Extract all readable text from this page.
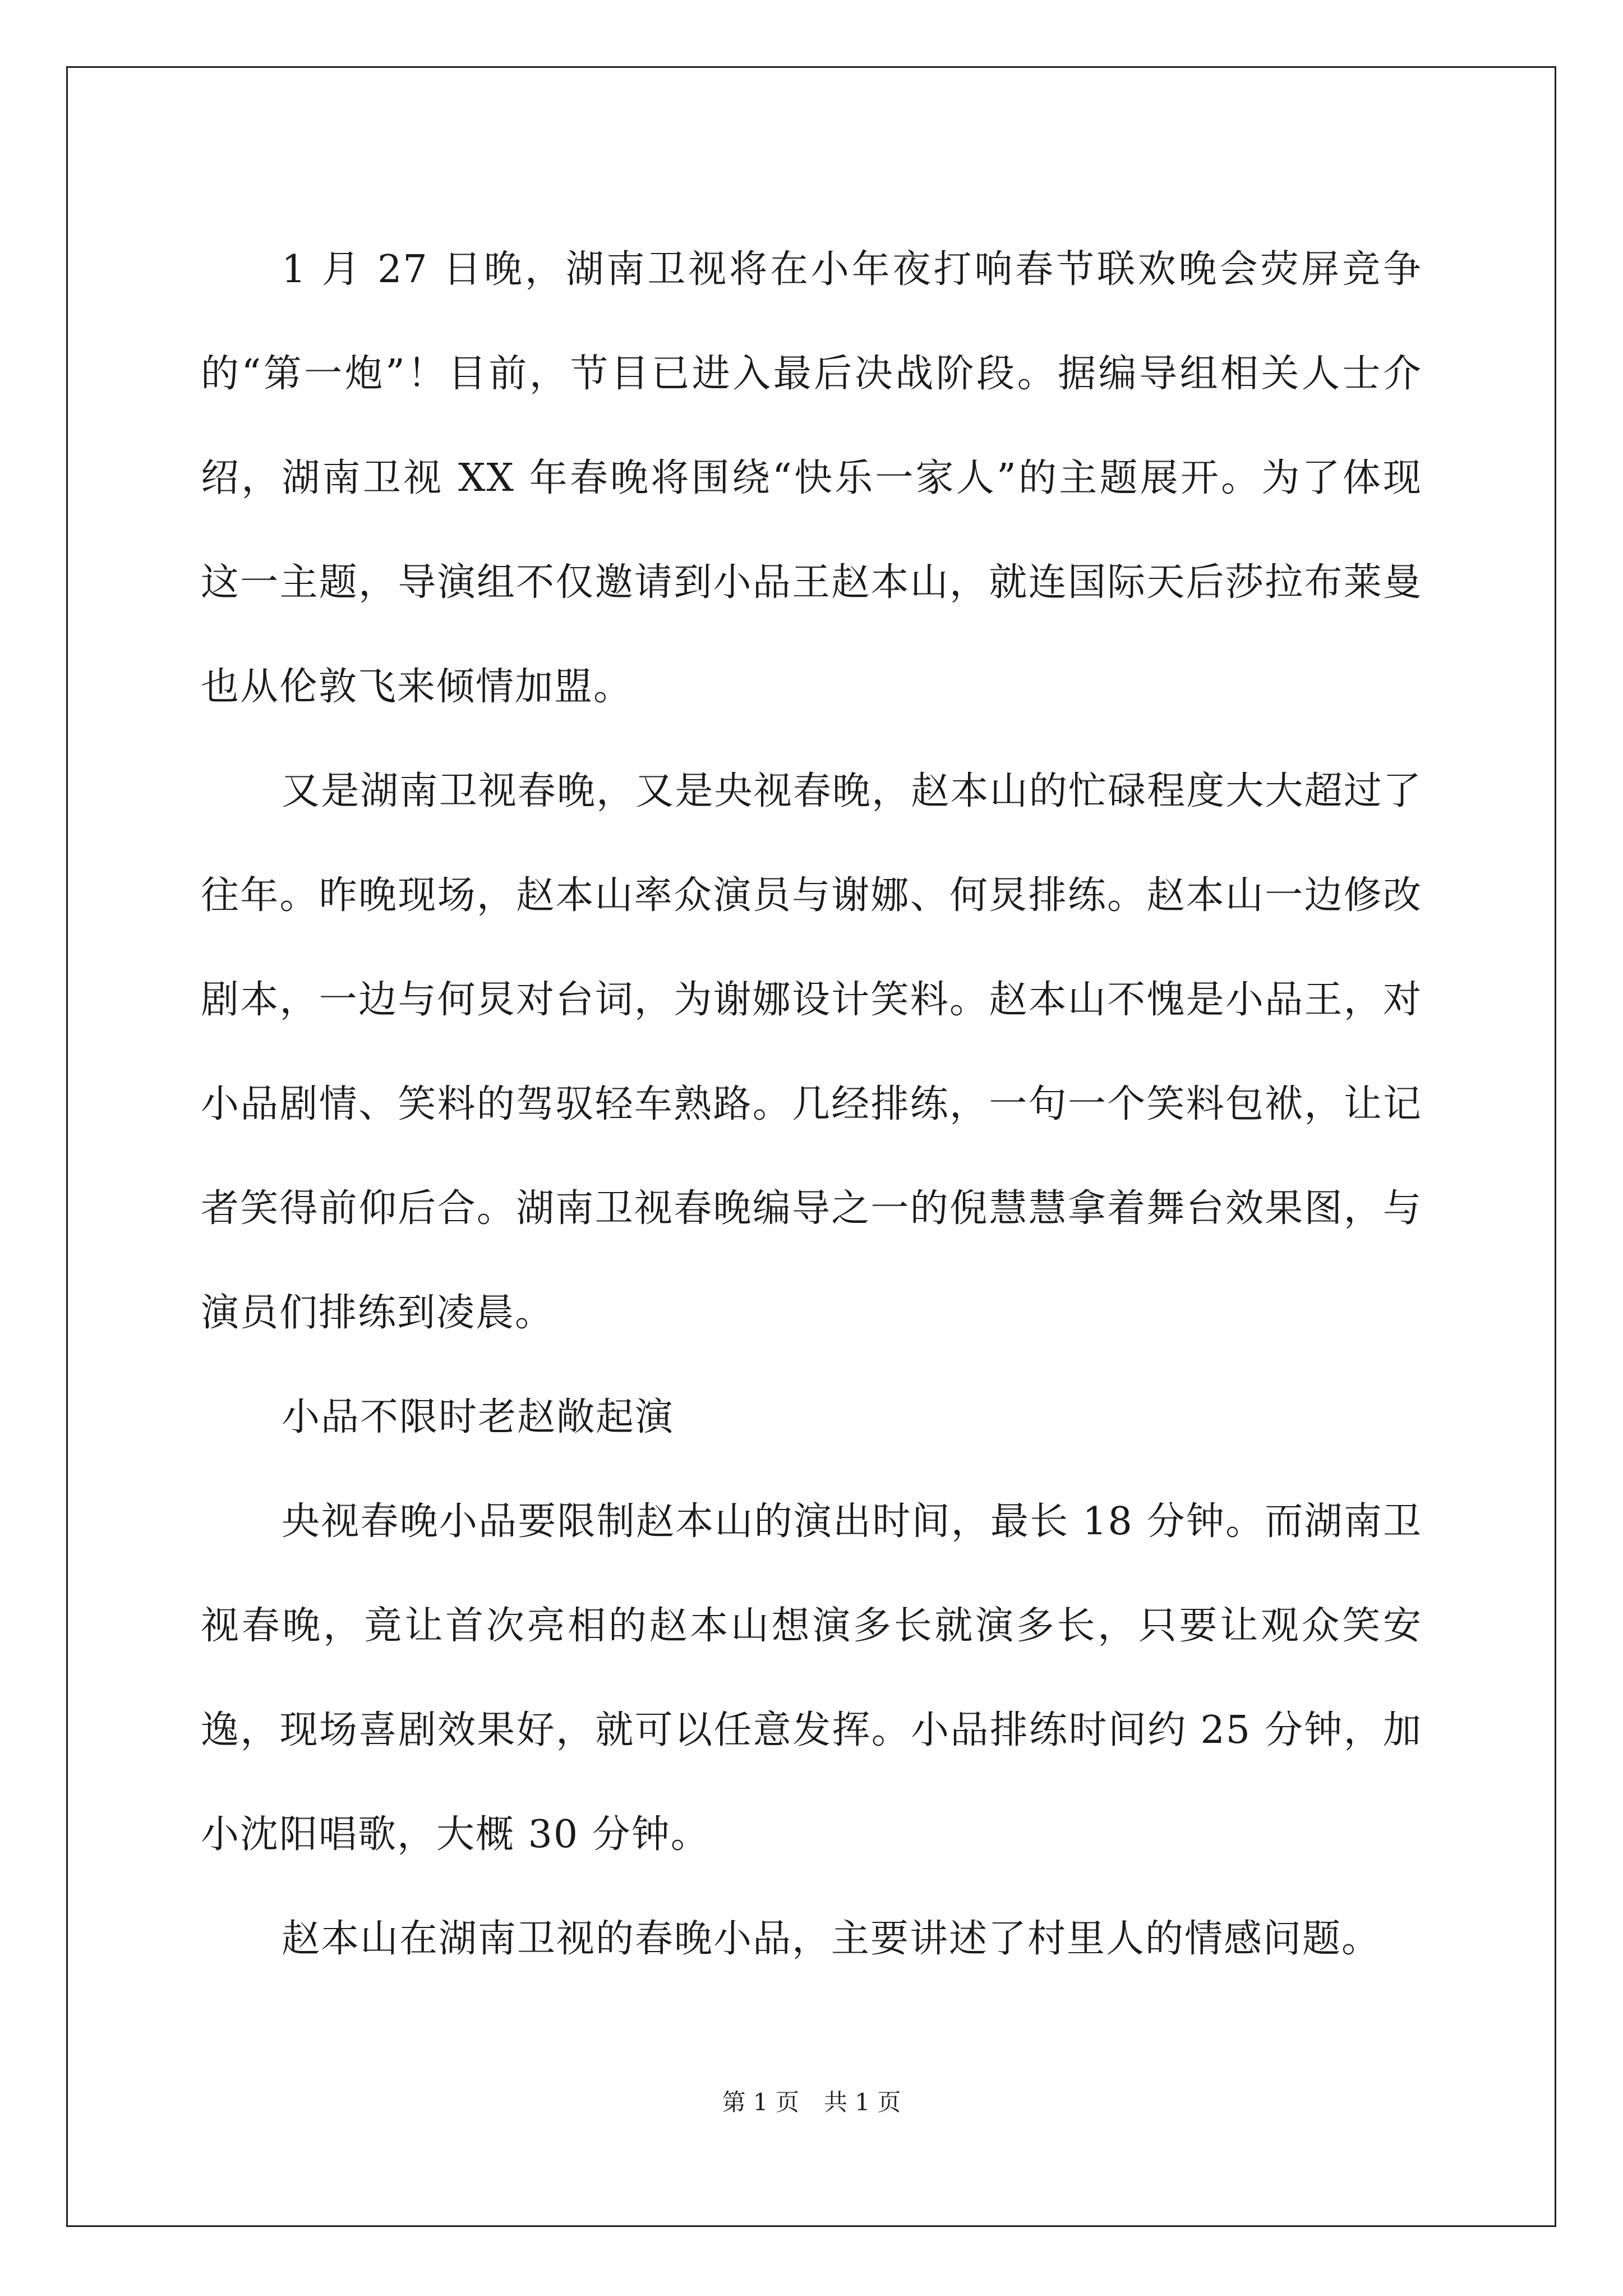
1 月 27 日晚，湖南卫视将在小年夜打响春节联欢晚会荧屏竞争的“第一炮”！目前，节目已进入最后决战阶段。据编导组相关人士介绍，湖南卫视 XX 年春晚将围绕“快乐一家人”的主题展开。为了体现这一主题，导演组不仅邀请到小品王赵本山，就连国际天后莎拉布莱曼也从伦敦飞来倾情加盟。

又是湖南卫视春晚，又是央视春晚，赵本山的忙碌程度大大超过了往年。昨晚现场，赵本山率众演员与谢娜、何炅排练。赵本山一边修改剧本，一边与何炅对台词，为谢娜设计笑料。赵本山不愧是小品王，对小品剧情、笑料的驾驭轻车熟路。几经排练，一句一个笑料包袱，让记者笑得前仰后合。湖南卫视春晚编导之一的倪慧慧拿着舞台效果图，与演员们排练到凌晨。

小品不限时老赵敞起演

央视春晚小品要限制赵本山的演出时间，最长 18 分钟。而湖南卫视春晚，竟让首次亮相的赵本山想演多长就演多长，只要让观众笑安逸，现场喜剧效果好，就可以任意发挥。小品排练时间约 25 分钟，加小沈阳唱歌，大概 30 分钟。

赵本山在湖南卫视的春晚小品，主要讲述了村里人的情感问题。

第 1 页 共 1 页
